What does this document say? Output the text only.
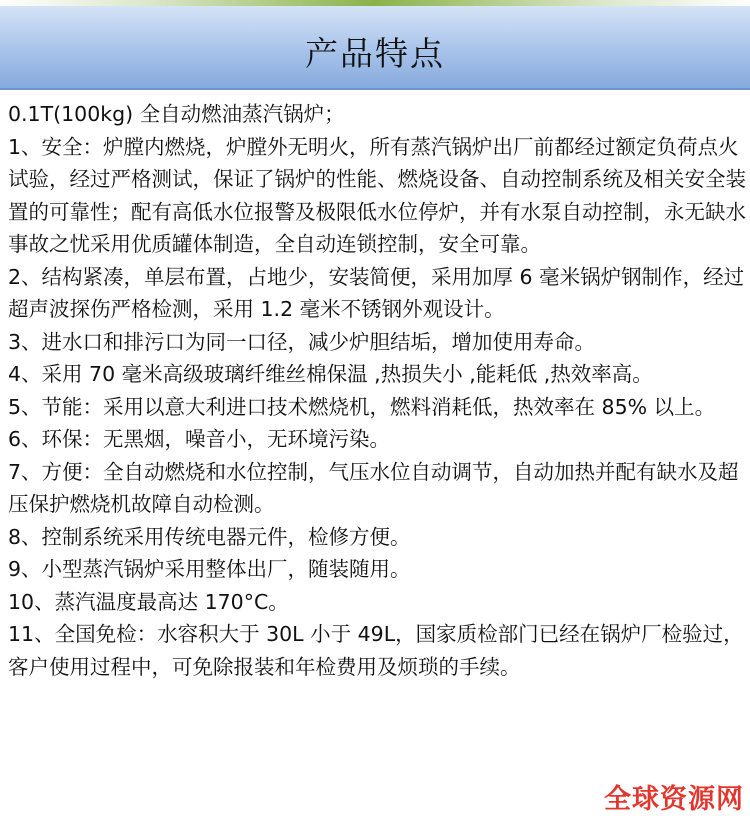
产品特点

0.1T(100kg) 全自动燃油蒸汽锅炉；

1、安全：炉膛内燃烧，炉膛外无明火，所有蒸汽锅炉出厂前都经过额定负荷点火试验，经过严格测试，保证了锅炉的性能、燃烧设备、自动控制系统及相关安全装置的可靠性；配有高低水位报警及极限低水位停炉，并有水泵自动控制，永无缺水事故之忧采用优质罐体制造，全自动连锁控制，安全可靠。

2、结构紧凑，单层布置，占地少，安装简便，采用加厚 6 毫米锅炉钢制作，经过超声波探伤严格检测，采用 1.2 毫米不锈钢外观设计。

3、进水口和排污口为同一口径，减少炉胆结垢，增加使用寿命。

4、采用 70 毫米高级玻璃纤维丝棉保温 ,热损失小 ,能耗低 ,热效率高。

5、节能：采用以意大利进口技术燃烧机，燃料消耗低，热效率在 85% 以上。

6、环保：无黑烟，噪音小，无环境污染。

7、方便：全自动燃烧和水位控制，气压水位自动调节，自动加热并配有缺水及超压保护燃烧机故障自动检测。

8、控制系统采用传统电器元件，检修方便。

9、小型蒸汽锅炉采用整体出厂，随装随用。

10、蒸汽温度最高达 170°C。

11、全国免检：水容积大于 30L 小于 49L，国家质检部门已经在锅炉厂检验过，客户使用过程中，可免除报装和年检费用及烦琐的手续。

全球资源网
